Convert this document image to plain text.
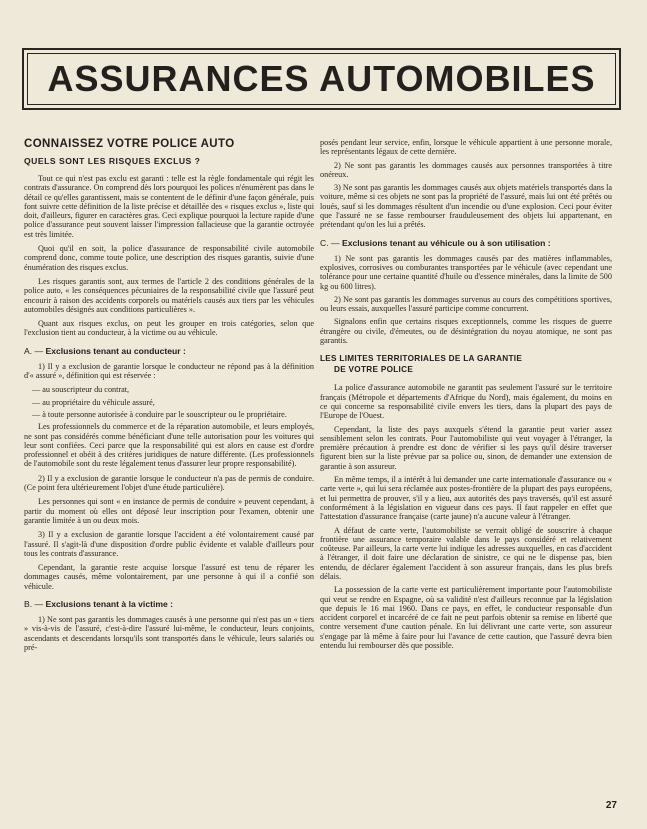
ASSURANCES AUTOMOBILES
CONNAISSEZ VOTRE POLICE AUTO
QUELS SONT LES RISQUES EXCLUS ?

Tout ce qui n'est pas exclu est garanti : telle est la règle fondamentale qui régit les contrats d'assurance. On comprend dès lors pourquoi les polices n'énumèrent pas dans le détail ce qu'elles garantissent, mais se contentent de le définir d'une façon générale, puis font suivre cette définition de la liste précise et détaillée des « risques exclus », liste qui doit, d'ailleurs, figurer en caractères gras. Ceci explique pourquoi la lecture rapide d'une police d'assurance peut souvent laisser l'impression fallacieuse que la garantie octroyée est très limitée.

Quoi qu'il en soit, la police d'assurance de responsabilité civile automobile comprend donc, comme toute police, une description des risques garantis, suivie d'une énumération des risques exclus.

Les risques garantis sont, aux termes de l'article 2 des conditions générales de la police auto, « les conséquences pécuniaires de la responsabilité civile que l'assuré peut encourir à raison des accidents corporels ou matériels causés aux tiers par les véhicules automobiles désignés aux conditions particulières ».

Quant aux risques exclus, on peut les grouper en trois catégories, selon que l'exclusion tient au conducteur, à la victime ou au véhicule.

A. — Exclusions tenant au conducteur :

1) Il y a exclusion de garantie lorsque le conducteur ne répond pas à la définition d'« assuré », définition qui est réservée :

— au souscripteur du contrat,

— au propriétaire du véhicule assuré,

— à toute personne autorisée à conduire par le souscripteur ou le propriétaire.

Les professionnels du commerce et de la réparation automobile, et leurs employés, ne sont pas considérés comme bénéficiant d'une telle autorisation pour les voitures qui leur sont confiées. Ceci parce que la responsabilité qui est alors en cause est d'ordre professionnel et obéit à des critères juridiques de nature différente. (Les professionnels de l'automobile sont du reste légalement tenus d'assurer leur propre responsabilité).

2) Il y a exclusion de garantie lorsque le conducteur n'a pas de permis de conduire. (Ce point fera ultérieurement l'objet d'une étude particulière).

Les personnes qui sont « en instance de permis de conduire » peuvent cependant, à partir du moment où elles ont déposé leur inscription pour l'examen, obtenir une garantie limitée à un ou deux mois.

3) Il y a exclusion de garantie lorsque l'accident a été volontairement causé par l'assuré. Il s'agit-là d'une disposition d'ordre public évidente et valable d'ailleurs pour tous les contrats d'assurance.

Cependant, la garantie reste acquise lorsque l'assuré est tenu de réparer les dommages causés, même volontairement, par une personne à qui il a confié son véhicule.

B. — Exclusions tenant à la victime :

1) Ne sont pas garantis les dommages causés à une personne qui n'est pas un « tiers » vis-à-vis de l'assuré, c'est-à-dire l'assuré lui-même, le conducteur, leurs conjoints, ascendants et descendants lorsqu'ils sont transportés dans le véhicule, leurs salariés ou pré-

posés pendant leur service, enfin, lorsque le véhicule appartient à une personne morale, les représentants légaux de cette dernière.

2) Ne sont pas garantis les dommages causés aux personnes transportées à titre onéreux.

3) Ne sont pas garantis les dommages causés aux objets matériels transportés dans la voiture, même si ces objets ne sont pas la propriété de l'assuré, mais lui ont été prêtés ou loués, sauf si les dommages résultent d'un incendie ou d'une explosion. Ceci pour éviter que l'assuré ne se fasse rembourser frauduleusement des objets lui appartenant, en prétendant qu'on les lui a prêtés.

C. — Exclusions tenant au véhicule ou à son utilisation :

1) Ne sont pas garantis les dommages causés par des matières inflammables, explosives, corrosives ou comburantes transportées par le véhicule (avec cependant une tolérance pour une certaine quantité d'huile ou d'essence minérales, dans la limite de 500 kg ou 600 litres).

2) Ne sont pas garantis les dommages survenus au cours des compétitions sportives, ou leurs essais, auxquelles l'assuré participe comme concurrent.

Signalons enfin que certains risques exceptionnels, comme les risques de guerre étrangère ou civile, d'émeutes, ou de désintégration du noyau atomique, ne sont pas garantis.

LES LIMITES TERRITORIALES DE LA GARANTIE
DE VOTRE POLICE

La police d'assurance automobile ne garantit pas seulement l'assuré sur le territoire français (Métropole et départements d'Afrique du Nord), mais également, du moins en ce qui concerne sa responsabilité civile envers les tiers, dans la plupart des pays de l'Europe de l'Ouest.

Cependant, la liste des pays auxquels s'étend la garantie peut varier assez sensiblement selon les contrats. Pour l'automobiliste qui veut voyager à l'étranger, la première précaution à prendre est donc de vérifier si les pays qu'il désire traverser figurent bien sur la liste prévue par sa police ou, sinon, de demander une extension de garantie à son assureur.

En même temps, il a intérêt à lui demander une carte internationale d'assurance ou « carte verte », qui lui sera réclamée aux postes-frontière de la plupart des pays européens, et lui permettra de prouver, s'il y a lieu, aux autorités des pays traversés, qu'il est assuré conformément à la législation en vigueur dans ces pays. Il faut rappeler en effet que l'attestation d'assurance française (carte jaune) n'a aucune valeur à l'étranger.

A défaut de carte verte, l'automobiliste se verrait obligé de souscrire à chaque frontière une assurance temporaire valable dans le pays considéré et relativement coûteuse. Par ailleurs, la carte verte lui indique les adresses auxquelles, en cas d'accident à l'étranger, il doit faire une déclaration de sinistre, ce qui ne le dispense pas, bien entendu, de déclarer également l'accident à son assureur français, dans les plus brefs délais.

La possession de la carte verte est particulièrement importante pour l'automobiliste qui veut se rendre en Espagne, où sa validité n'est d'ailleurs reconnue par la législation que depuis le 16 mai 1960. Dans ce pays, en effet, le conducteur responsable d'un accident corporel et incarcéré de ce fait ne peut parfois obtenir sa remise en liberté que contre versement d'une caution pénale. En lui délivrant une carte verte, son assureur s'engage par là même à faire pour lui l'avance de cette caution, que l'assuré devra bien entendu lui rembourser dès que possible.

27
